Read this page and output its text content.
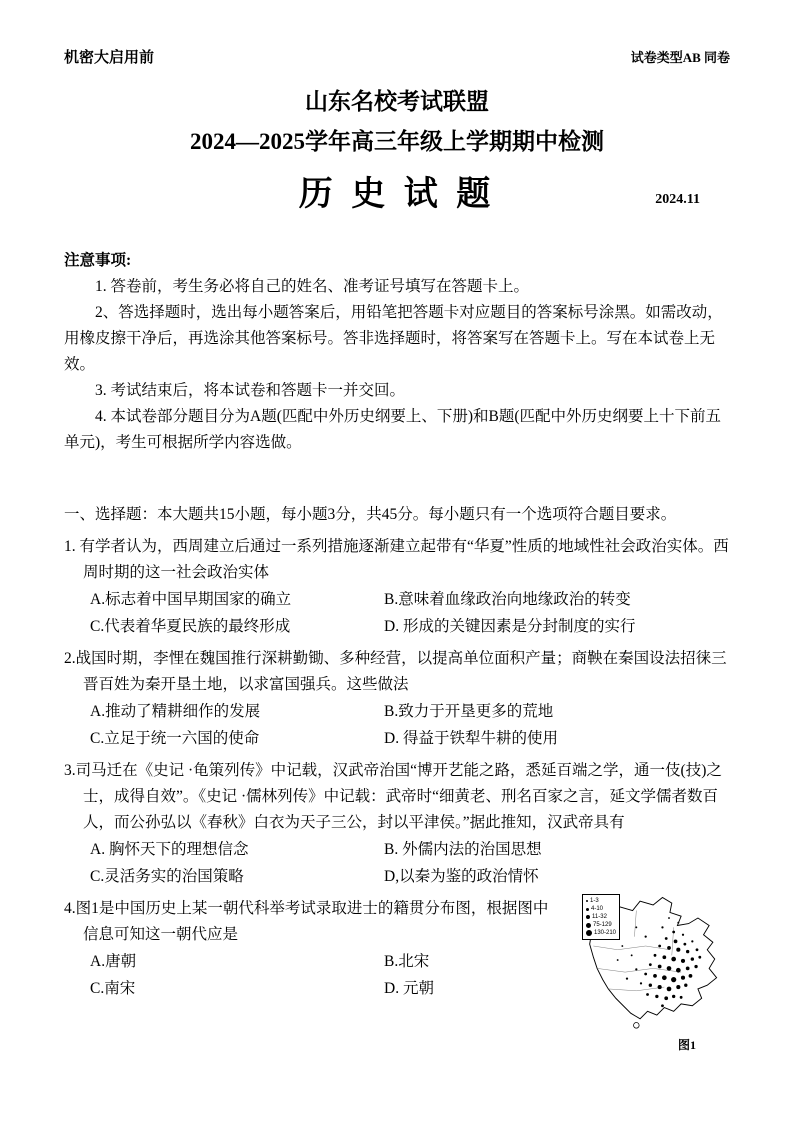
机密大启用前	试卷类型AB 同卷
山东名校考试联盟
2024—2025学年高三年级上学期期中检测
历 史 试 题	2024.11
注意事项:
1. 答卷前，考生务必将自己的姓名、准考证号填写在答题卡上。
2、答选择题时，选出每小题答案后，用铅笔把答题卡对应题目的答案标号涂黑。如需改动，用橡皮擦干净后，再选涂其他答案标号。答非选择题时，将答案写在答题卡上。写在本试卷上无效。
3. 考试结束后，将本试卷和答题卡一并交回。
4. 本试卷部分题目分为A题(匹配中外历史纲要上、下册)和B题(匹配中外历史纲要上十下前五单元)，考生可根据所学内容选做。
一、选择题：本大题共15小题，每小题3分，共45分。每小题只有一个选项符合题目要求。
1. 有学者认为，西周建立后通过一系列措施逐渐建立起带有“华夏”性质的地域性社会政治实体。西周时期的这一社会政治实体
A.标志着中国早期国家的确立	B.意味着血缘政治向地缘政治的转变
C.代表着华夏民族的最终形成	D. 形成的关键因素是分封制度的实行
2.战国时期，李悝在魏国推行深耕勤锄、多种经营，以提高单位面积产量；商鞅在秦国设法招徕三晋百姓为秦开垦土地，以求富国强兵。这些做法
A.推动了精耕细作的发展	B.致力于开垦更多的荒地
C.立足于统一六国的使命	D. 得益于铁犁牛耕的使用
3.司马迁在《史记 ·龟策列传》中记载，汉武帝治国“博开艺能之路，悉延百端之学，通一伎(技)之士，成得自效”。《史记 ·儒林列传》中记载：武帝时“细黄老、刑名百家之言，延文学儒者数百人，而公孙弘以《春秋》白衣为天子三公，封以平津侯。”据此推知，汉武帝具有
A. 胸怀天下的理想信念	B. 外儒内法的治国思想
C.灵活务实的治国策略	D,以秦为鉴的政治情怀
1-3
4-10
11-32
75-129
130-210
图1
4.图1是中国历史上某一朝代科举考试录取进士的籍贯分布图，根据图中信息可知这一朝代应是
A.唐朝	B.北宋
C.南宋	D. 元朝
